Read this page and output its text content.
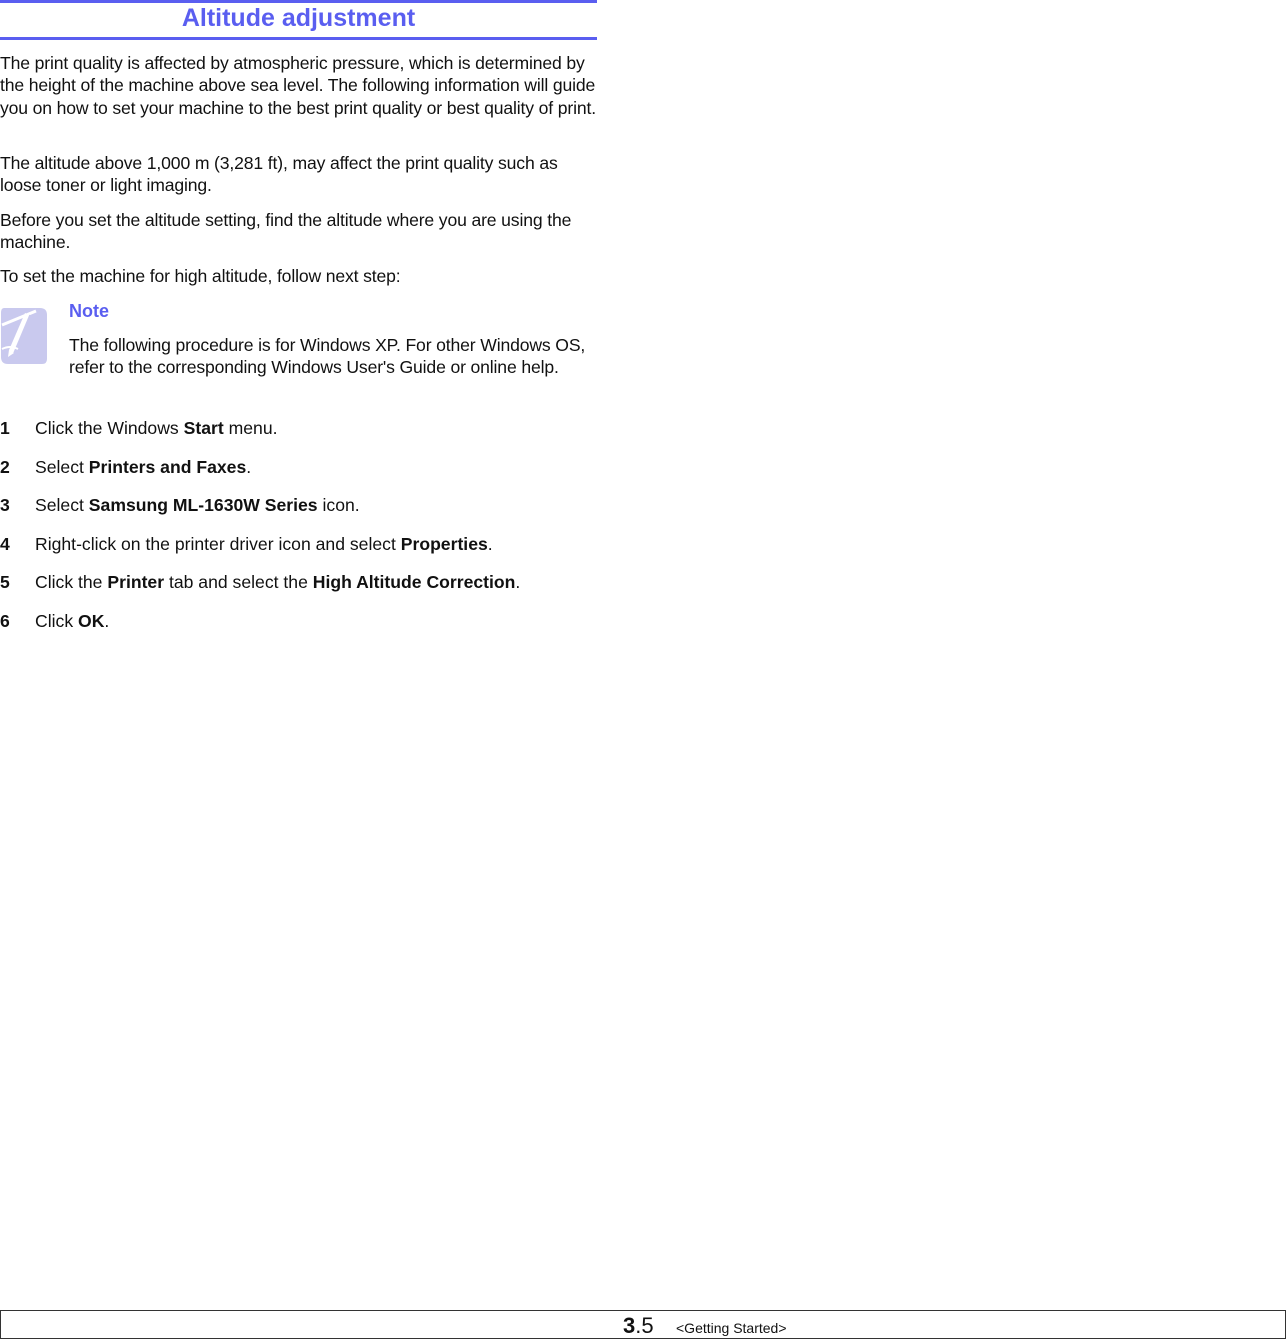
Altitude adjustment

The print quality is affected by atmospheric pressure, which is determined by the height of the machine above sea level. The following information will guide you on how to set your machine to the best print quality or best quality of print.

The altitude above 1,000 m (3,281 ft), may affect the print quality such as loose toner or light imaging.

Before you set the altitude setting, find the altitude where you are using the machine.

To set the machine for high altitude, follow next step:

Note

The following procedure is for Windows XP. For other Windows OS, refer to the corresponding Windows User's Guide or online help.

1 Click the Windows Start menu.
2 Select Printers and Faxes.
3 Select Samsung ML-1630W Series icon.
4 Right-click on the printer driver icon and select Properties.
5 Click the Printer tab and select the High Altitude Correction.
6 Click OK.
3.5 <Getting Started>
